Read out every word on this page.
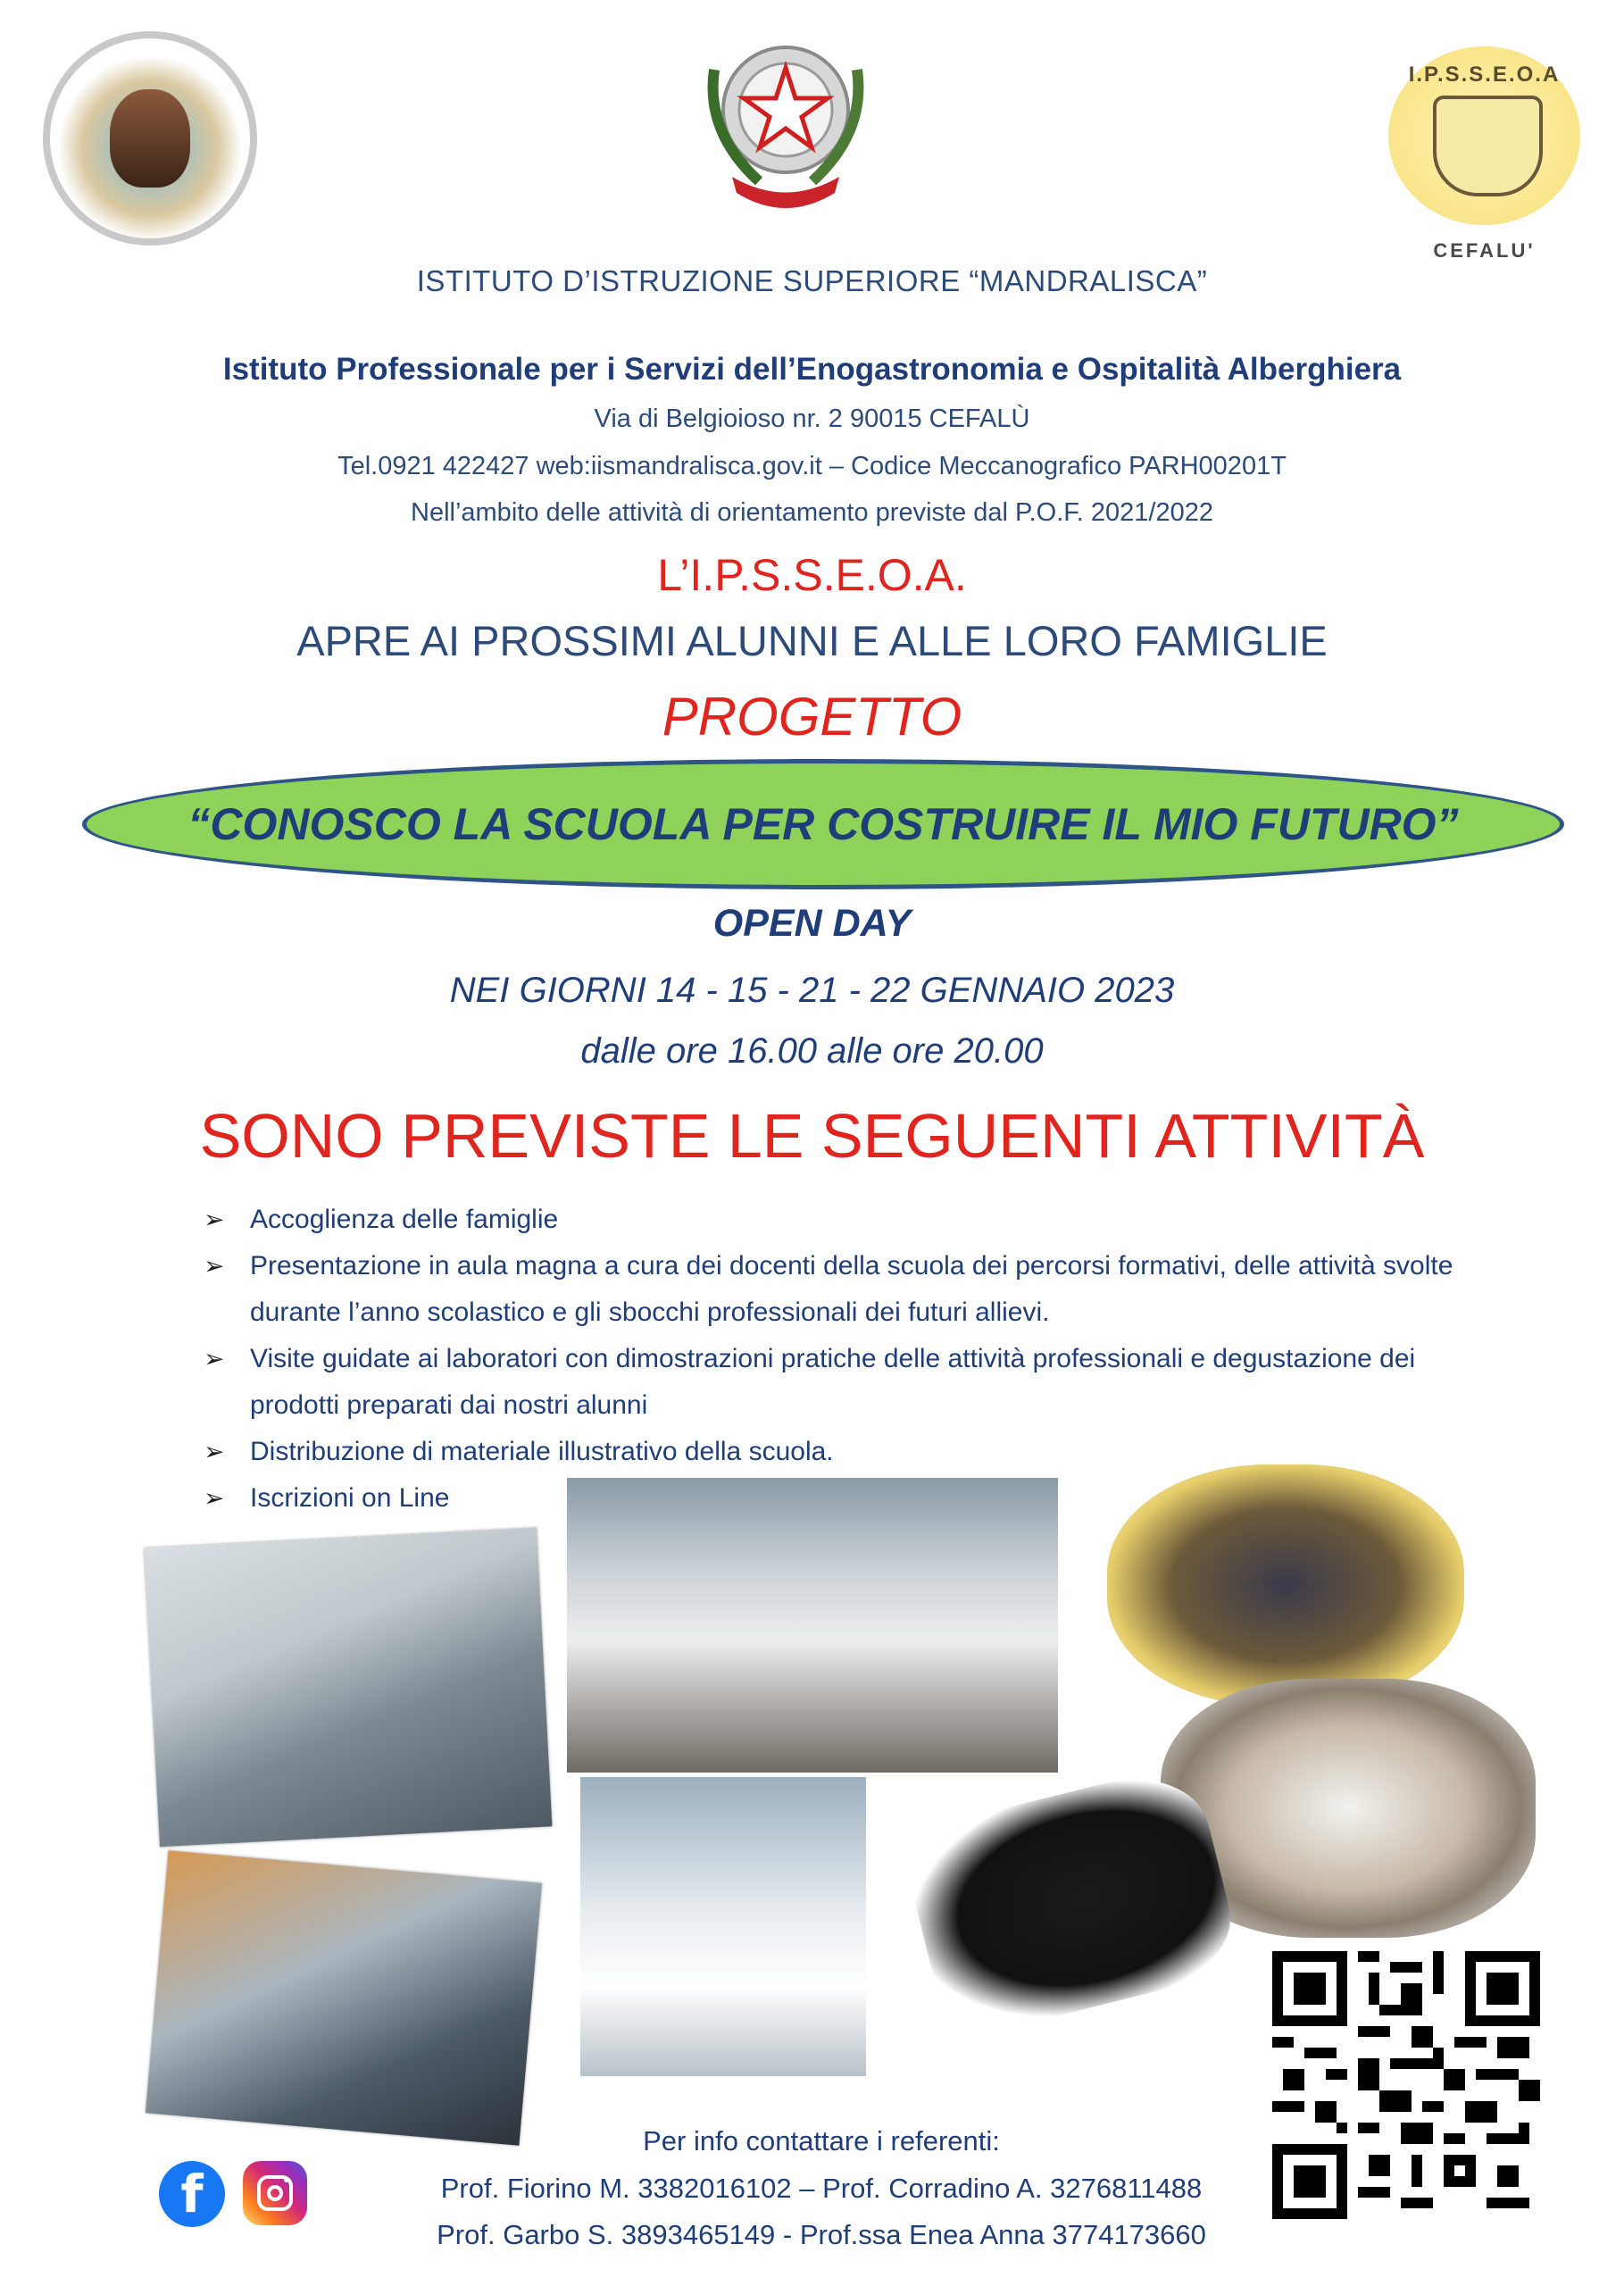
I.P.S.S.E.O.A
CEFALU'
ISTITUTO D’ISTRUZIONE SUPERIORE “MANDRALISCA”
Istituto Professionale per i Servizi dell’Enogastronomia e Ospitalità Alberghiera
Via di Belgioioso nr. 2 90015 CEFALÙ
Tel.0921 422427 web:iismandralisca.gov.it – Codice Meccanografico PARH00201T
Nell’ambito delle attività di orientamento previste dal P.O.F. 2021/2022
L’I.P.S.S.E.O.A.
APRE AI PROSSIMI ALUNNI E ALLE LORO FAMIGLIE
PROGETTO
“CONOSCO LA SCUOLA PER COSTRUIRE IL MIO FUTURO”
OPEN DAY
NEI GIORNI 14 - 15 - 21 - 22 GENNAIO 2023
dalle ore 16.00 alle ore 20.00
SONO PREVISTE LE SEGUENTI ATTIVITÀ
➢ Accoglienza delle famiglie
➢ Presentazione in aula magna a cura dei docenti della scuola dei percorsi formativi, delle attività svolte durante l’anno scolastico e gli sbocchi professionali dei futuri allievi.
➢ Visite guidate ai laboratori con dimostrazioni pratiche delle attività professionali e degustazione dei prodotti preparati dai nostri alunni
➢ Distribuzione di materiale illustrativo della scuola.
➢ Iscrizioni on Line
f
Per info contattare i referenti:
Prof. Fiorino M. 3382016102 – Prof. Corradino A. 3276811488
Prof. Garbo S. 3893465149 - Prof.ssa Enea Anna 3774173660
